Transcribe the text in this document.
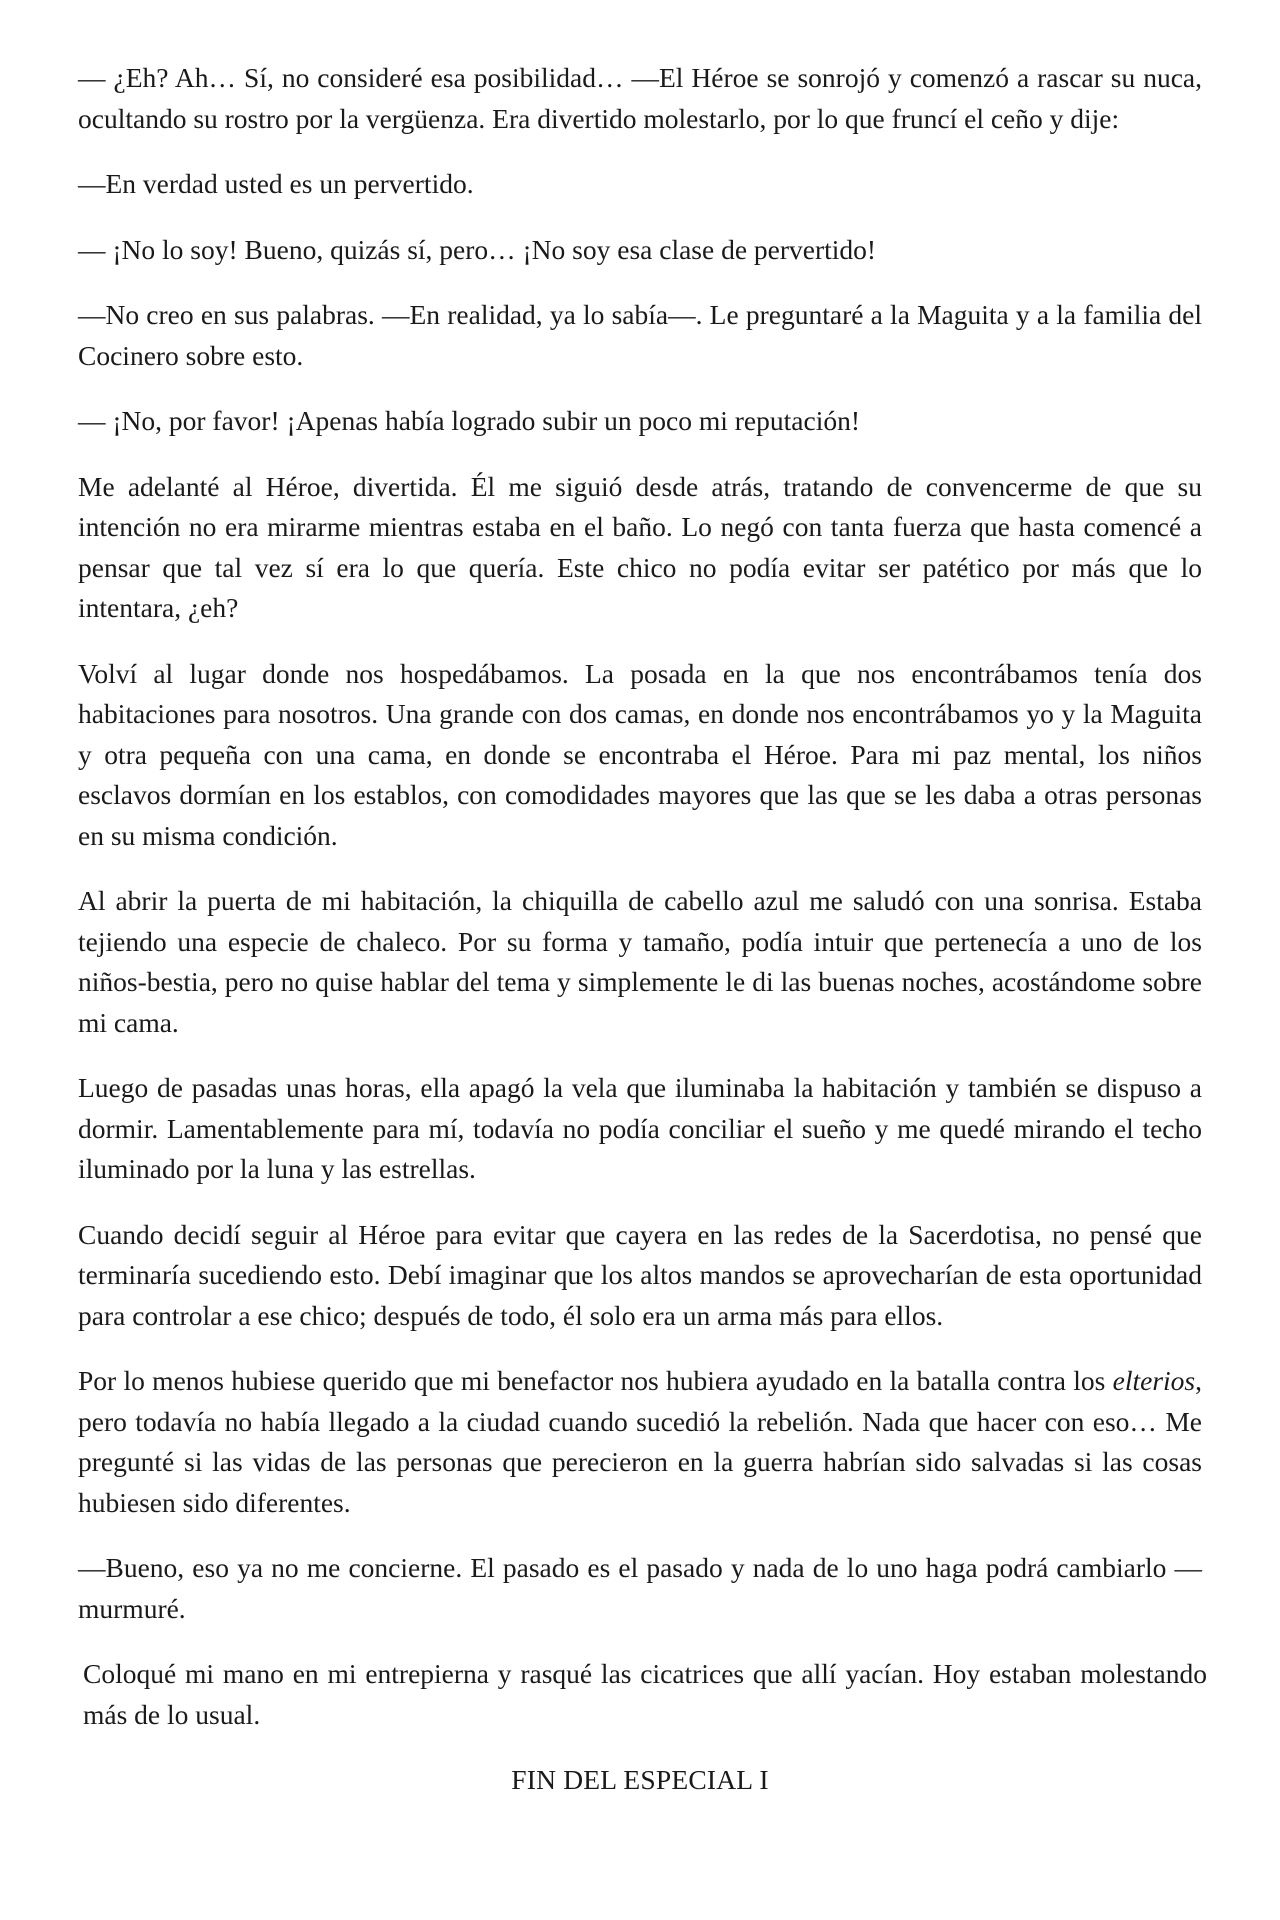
— ¿Eh? Ah… Sí, no consideré esa posibilidad… —El Héroe se sonrojó y comenzó a rascar su nuca, ocultando su rostro por la vergüenza. Era divertido molestarlo, por lo que fruncí el ceño y dije:

—En verdad usted es un pervertido.

— ¡No lo soy! Bueno, quizás sí, pero… ¡No soy esa clase de pervertido!

—No creo en sus palabras. —En realidad, ya lo sabía—. Le preguntaré a la Maguita y a la familia del Cocinero sobre esto.

— ¡No, por favor! ¡Apenas había logrado subir un poco mi reputación!

Me adelanté al Héroe, divertida. Él me siguió desde atrás, tratando de convencerme de que su intención no era mirarme mientras estaba en el baño. Lo negó con tanta fuerza que hasta comencé a pensar que tal vez sí era lo que quería. Este chico no podía evitar ser patético por más que lo intentara, ¿eh?

Volví al lugar donde nos hospedábamos. La posada en la que nos encontrábamos tenía dos habitaciones para nosotros. Una grande con dos camas, en donde nos encontrábamos yo y la Maguita y otra pequeña con una cama, en donde se encontraba el Héroe. Para mi paz mental, los niños esclavos dormían en los establos, con comodidades mayores que las que se les daba a otras personas en su misma condición.

Al abrir la puerta de mi habitación, la chiquilla de cabello azul me saludó con una sonrisa. Estaba tejiendo una especie de chaleco. Por su forma y tamaño, podía intuir que pertenecía a uno de los niños-bestia, pero no quise hablar del tema y simplemente le di las buenas noches, acostándome sobre mi cama.

Luego de pasadas unas horas, ella apagó la vela que iluminaba la habitación y también se dispuso a dormir. Lamentablemente para mí, todavía no podía conciliar el sueño y me quedé mirando el techo iluminado por la luna y las estrellas.

Cuando decidí seguir al Héroe para evitar que cayera en las redes de la Sacerdotisa, no pensé que terminaría sucediendo esto. Debí imaginar que los altos mandos se aprovecharían de esta oportunidad para controlar a ese chico; después de todo, él solo era un arma más para ellos.

Por lo menos hubiese querido que mi benefactor nos hubiera ayudado en la batalla contra los elterios, pero todavía no había llegado a la ciudad cuando sucedió la rebelión. Nada que hacer con eso… Me pregunté si las vidas de las personas que perecieron en la guerra habrían sido salvadas si las cosas hubiesen sido diferentes.

—Bueno, eso ya no me concierne. El pasado es el pasado y nada de lo uno haga podrá cambiarlo —murmuré.

Coloqué mi mano en mi entrepierna y rasqué las cicatrices que allí yacían. Hoy estaban molestando más de lo usual.

FIN DEL ESPECIAL I
